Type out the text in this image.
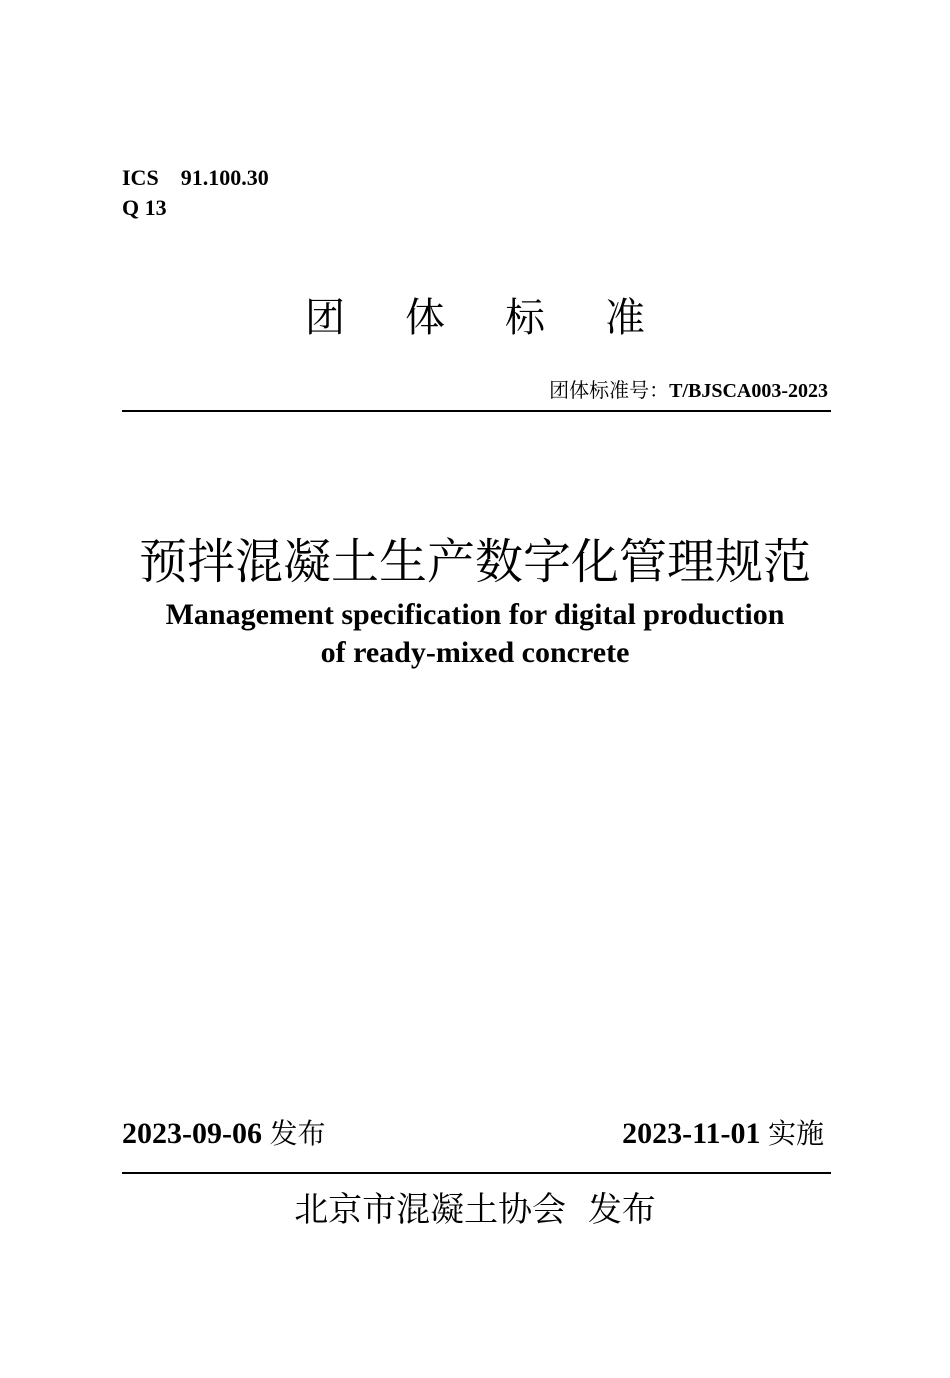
ICS 91.100.30
Q 13
团 体 标 准
团体标准号：T/BJSCA003-2023
预拌混凝土生产数字化管理规范
Management specification for digital production
of ready-mixed concrete
2023-09-06 发布	2023-11-01 实施
北京市混凝土协会 发布
